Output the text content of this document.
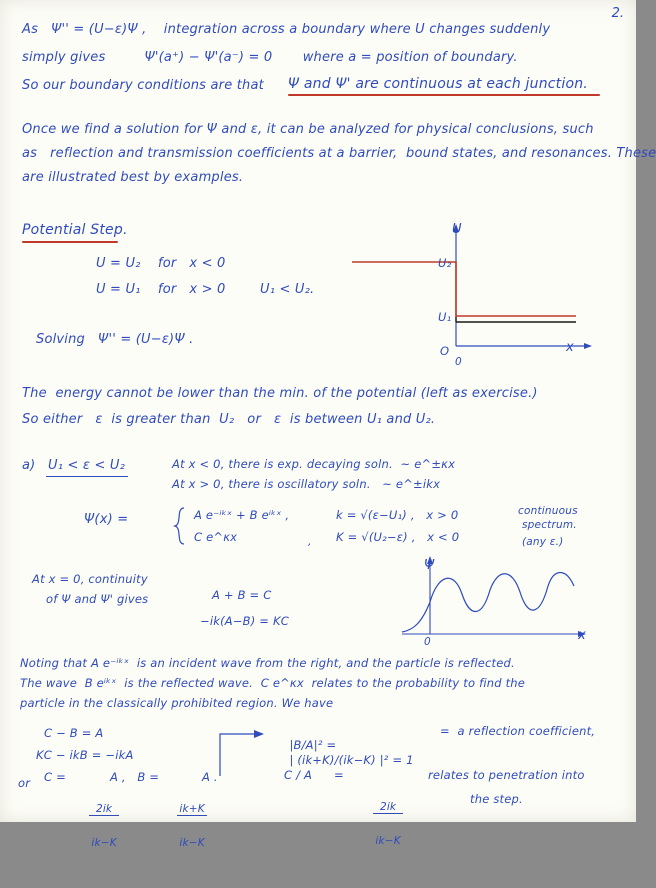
2.
As   Ψ'' = (U−ε)Ψ ,    integration across a boundary where U changes suddenly
simply gives         Ψ'(a⁺) − Ψ'(a⁻) = 0       where a = position of boundary.
So our boundary conditions are that Ψ and Ψ' are continuous at each junction.
Once we find a solution for Ψ and ε, it can be analyzed for physical conclusions, such
as   reflection and transmission coefficients at a barrier,  bound states, and resonances. These
are illustrated best by examples.
Potential Step.
U = U₂    for   x < 0
U = U₁    for   x > 0	U₁ < U₂.
Solving   Ψ'' = (U−ε)Ψ .
U
U₂
U₁
O
0
x
The  energy cannot be lower than the min. of the potential (left as exercise.)
So either   ε  is greater than  U₂   or   ε  is between U₁ and U₂.
a) U₁ < ε < U₂	At x < 0, there is exp. decaying soln.  ~ e^±κx
At x > 0, there is oscillatory soln.   ~ e^±ikx
Ψ(x) =	A e⁻ⁱᵏˣ + B eⁱᵏˣ ,
C e^κx	,
k = √(ε−U₁) ,   x > 0
Κ = √(U₂−ε) ,   x < 0
continuous
spectrum.
(any ε.)
At x = 0, continuity
of Ψ and Ψ' gives	A + B = C
−ik(A−B) = ΚC
Ψ
0	x
Noting that A e⁻ⁱᵏˣ  is an incident wave from the right, and the particle is reflected.
The wave  B eⁱᵏˣ  is the reflected wave.  C e^κx  relates to the probability to find the
particle in the classically prohibited region. We have
C − B = A
ΚC − ikB = −ikA
or C =

$\frac{2ik}{ik-K}$

A ,   B =

$\frac{ik+K}{ik-K}$

A .

|B/A|² =
| (ik+Κ)/(ik−Κ) |² = 1

=  a reflection coefficient,
C / A =

$\frac{2ik}{ik-K}$

relates to penetration into
the step.
